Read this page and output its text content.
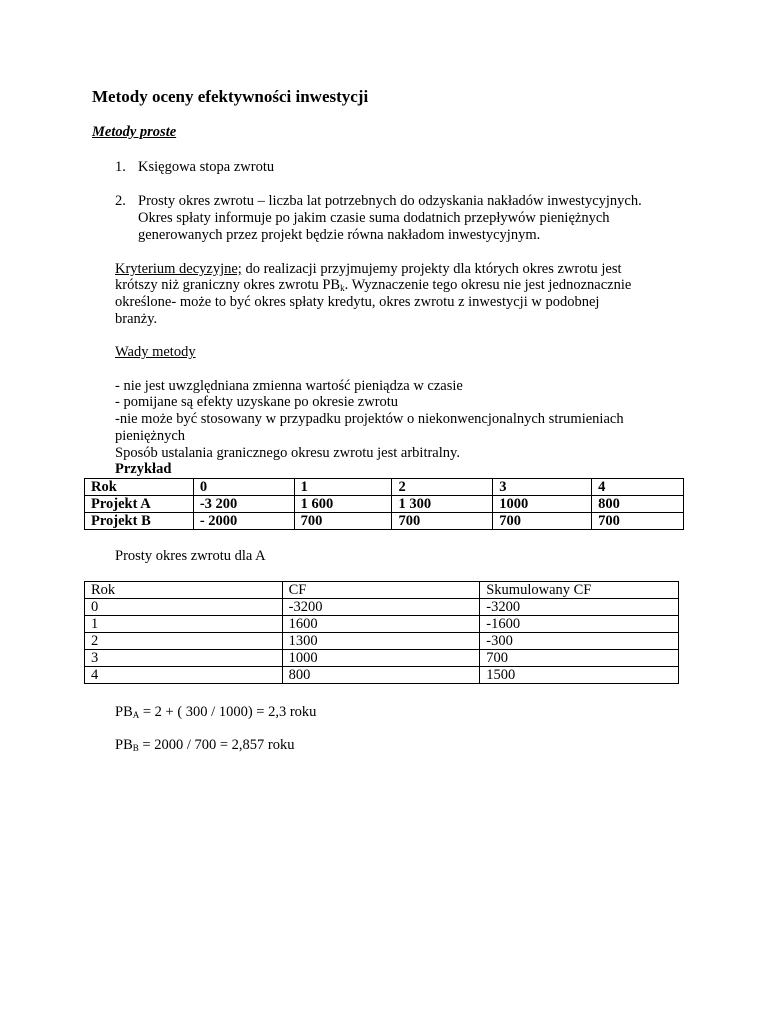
Metody oceny efektywności inwestycji
Metody proste
1. Księgowa stopa zwrotu
2. Prosty okres zwrotu – liczba lat potrzebnych do odzyskania nakładów inwestycyjnych.
Okres spłaty informuje po jakim czasie suma dodatnich przepływów pieniężnych
generowanych przez projekt będzie równa nakładom inwestycyjnym.
Kryterium decyzyjne; do realizacji przyjmujemy projekty dla których okres zwrotu jest
krótszy niż graniczny okres zwrotu $PB_k$. Wyznaczenie tego okresu nie jest jednoznacznie
określone- może to być okres spłaty kredytu, okres zwrotu z inwestycji w podobnej
branży.
Wady metody
- nie jest uwzględniana zmienna wartość pieniądza w czasie
- pomijane są efekty uzyskane po okresie zwrotu
-nie może być stosowany w przypadku projektów o niekonwencjonalnych strumieniach
pieniężnych
Sposób ustalania granicznego okresu zwrotu jest arbitralny.
Przykład
Rok	0	1	2	3	4
Projekt A	-3 200	1 600	1 300	1000	800
Projekt B	- 2000	700	700	700	700
Prosty okres zwrotu dla A
Rok	CF	Skumulowany CF
0	-3200	-3200
1	1600	-1600
2	1300	-300
3	1000	700
4	800	1500
$PB_A = 2$ + ( 300 / 1000) = 2,3 roku
$PB_B = 2000 / 700 = 2,857$ roku
